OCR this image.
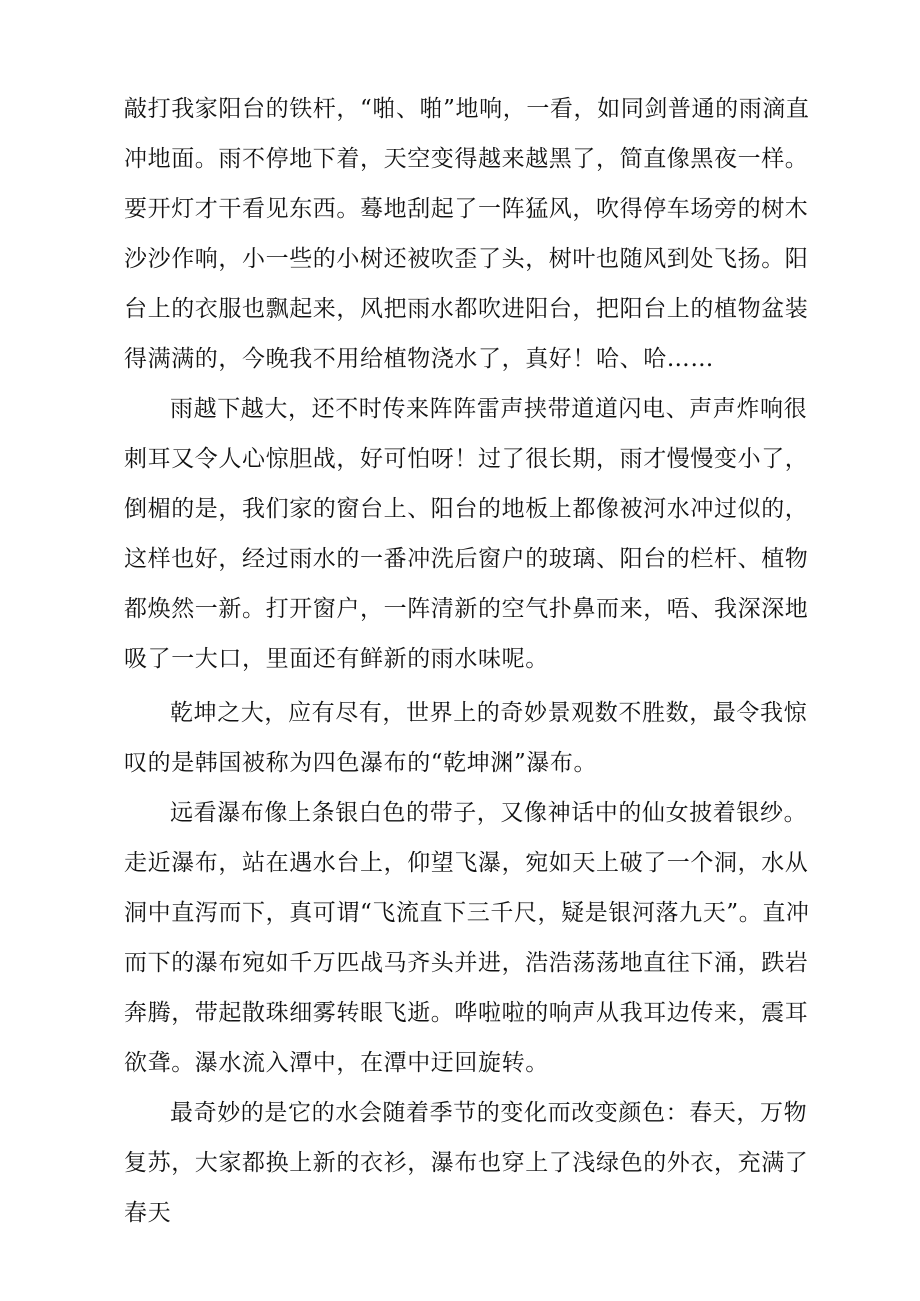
敲打我家阳台的铁杆，“啪、啪”地响，一看，如同剑普通的雨滴直冲地面。雨不停地下着，天空变得越来越黑了，简直像黑夜一样。要开灯才干看见东西。蓦地刮起了一阵猛风，吹得停车场旁的树木沙沙作响，小一些的小树还被吹歪了头，树叶也随风到处飞扬。阳台上的衣服也飘起来，风把雨水都吹进阳台，把阳台上的植物盆装得满满的，今晚我不用给植物浇水了，真好！哈、哈……

雨越下越大，还不时传来阵阵雷声挟带道道闪电、声声炸响很刺耳又令人心惊胆战，好可怕呀！过了很长期，雨才慢慢变小了，倒楣的是，我们家的窗台上、阳台的地板上都像被河水冲过似的，这样也好，经过雨水的一番冲洗后窗户的玻璃、阳台的栏杆、植物都焕然一新。打开窗户，一阵清新的空气扑鼻而来，唔、我深深地吸了一大口，里面还有鲜新的雨水味呢。

乾坤之大，应有尽有，世界上的奇妙景观数不胜数，最令我惊叹的是韩国被称为四色瀑布的“乾坤渊”瀑布。

远看瀑布像上条银白色的带子，又像神话中的仙女披着银纱。走近瀑布，站在遇水台上，仰望飞瀑，宛如天上破了一个洞，水从洞中直泻而下，真可谓“飞流直下三千尺，疑是银河落九天”。直冲而下的瀑布宛如千万匹战马齐头并进，浩浩荡荡地直往下涌，跌岩奔腾，带起散珠细雾转眼飞逝。哗啦啦的响声从我耳边传来，震耳欲聋。瀑水流入潭中，在潭中迂回旋转。

最奇妙的是它的水会随着季节的变化而改变颜色：春天，万物复苏，大家都换上新的衣衫，瀑布也穿上了浅绿色的外衣，充满了春天
